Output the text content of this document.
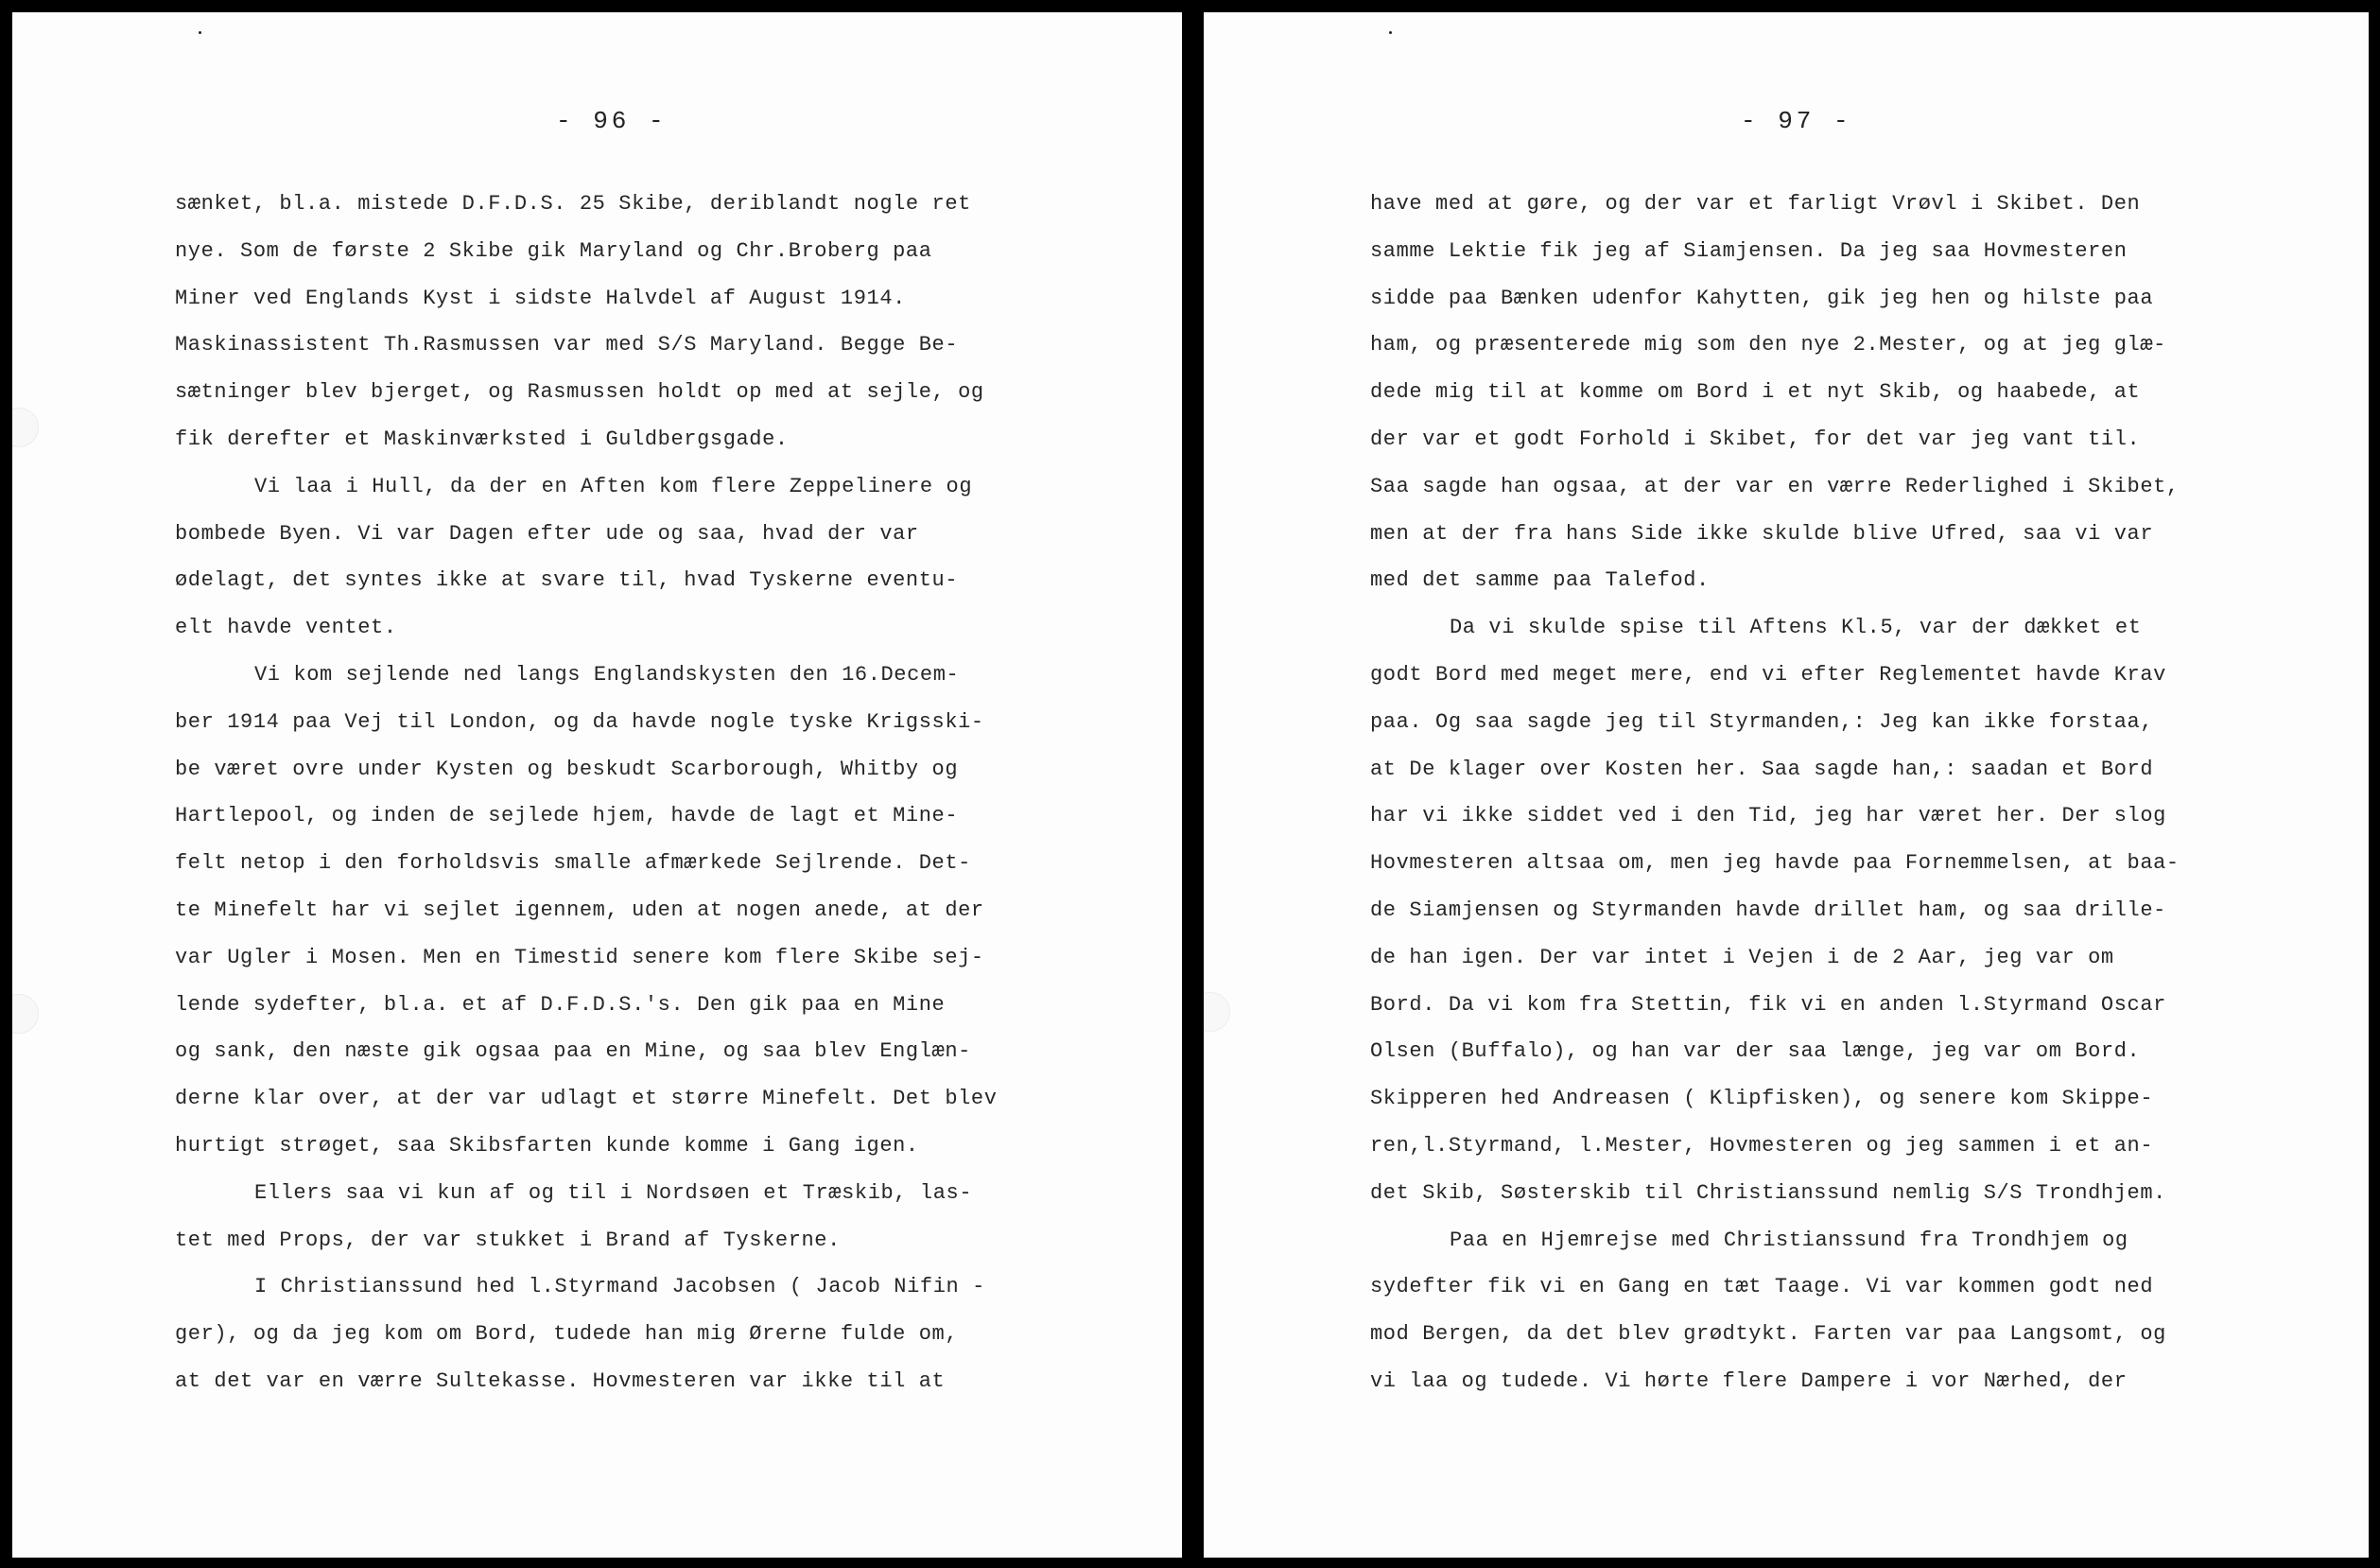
- 96 -
sænket, bl.a. mistede D.F.D.S. 25 Skibe, deriblandt nogle ret
nye. Som de første 2 Skibe gik Maryland og Chr.Broberg paa
Miner ved Englands Kyst i sidste Halvdel af August 1914.
Maskinassistent Th.Rasmussen var med S/S Maryland. Begge Be-
sætninger blev bjerget, og Rasmussen holdt op med at sejle, og
fik derefter et Maskinværksted i Guldbergsgade.
Vi laa i Hull, da der en Aften kom flere Zeppelinere og
bombede Byen. Vi var Dagen efter ude og saa, hvad der var
ødelagt, det syntes ikke at svare til, hvad Tyskerne eventu-
elt havde ventet.
Vi kom sejlende ned langs Englandskysten den 16.Decem-
ber 1914 paa Vej til London, og da havde nogle tyske Krigsski-
be været ovre under Kysten og beskudt Scarborough, Whitby og
Hartlepool, og inden de sejlede hjem, havde de lagt et Mine-
felt netop i den forholdsvis smalle afmærkede Sejlrende. Det-
te Minefelt har vi sejlet igennem, uden at nogen anede, at der
var Ugler i Mosen. Men en Timestid senere kom flere Skibe sej-
lende sydefter, bl.a. et af D.F.D.S.'s. Den gik paa en Mine
og sank, den næste gik ogsaa paa en Mine, og saa blev Englæn-
derne klar over, at der var udlagt et større Minefelt. Det blev
hurtigt strøget, saa Skibsfarten kunde komme i Gang igen.
Ellers saa vi kun af og til i Nordsøen et Træskib, las-
tet med Props, der var stukket i Brand af Tyskerne.
I Christianssund hed l.Styrmand Jacobsen ( Jacob Nifin -
ger), og da jeg kom om Bord, tudede han mig Ørerne fulde om,
at det var en værre Sultekasse. Hovmesteren var ikke til at
- 97 -
have med at gøre, og der var et farligt Vrøvl i Skibet. Den
samme Lektie fik jeg af Siamjensen. Da jeg saa Hovmesteren
sidde paa Bænken udenfor Kahytten, gik jeg hen og hilste paa
ham, og præsenterede mig som den nye 2.Mester, og at jeg glæ-
dede mig til at komme om Bord i et nyt Skib, og haabede, at
der var et godt Forhold i Skibet, for det var jeg vant til.
Saa sagde han ogsaa, at der var en værre Rederlighed i Skibet,
men at der fra hans Side ikke skulde blive Ufred, saa vi var
med det samme paa Talefod.
Da vi skulde spise til Aftens Kl.5, var der dækket et
godt Bord med meget mere, end vi efter Reglementet havde Krav
paa. Og saa sagde jeg til Styrmanden,: Jeg kan ikke forstaa,
at De klager over Kosten her. Saa sagde han,: saadan et Bord
har vi ikke siddet ved i den Tid, jeg har været her. Der slog
Hovmesteren altsaa om, men jeg havde paa Fornemmelsen, at baa-
de Siamjensen og Styrmanden havde drillet ham, og saa drille-
de han igen. Der var intet i Vejen i de 2 Aar, jeg var om
Bord. Da vi kom fra Stettin, fik vi en anden l.Styrmand Oscar
Olsen (Buffalo), og han var der saa længe, jeg var om Bord.
Skipperen hed Andreasen ( Klipfisken), og senere kom Skippe-
ren,l.Styrmand, l.Mester, Hovmesteren og jeg sammen i et an-
det Skib, Søsterskib til Christianssund nemlig S/S Trondhjem.
Paa en Hjemrejse med Christianssund fra Trondhjem og
sydefter fik vi en Gang en tæt Taage. Vi var kommen godt ned
mod Bergen, da det blev grødtykt. Farten var paa Langsomt, og
vi laa og tudede. Vi hørte flere Dampere i vor Nærhed, der
